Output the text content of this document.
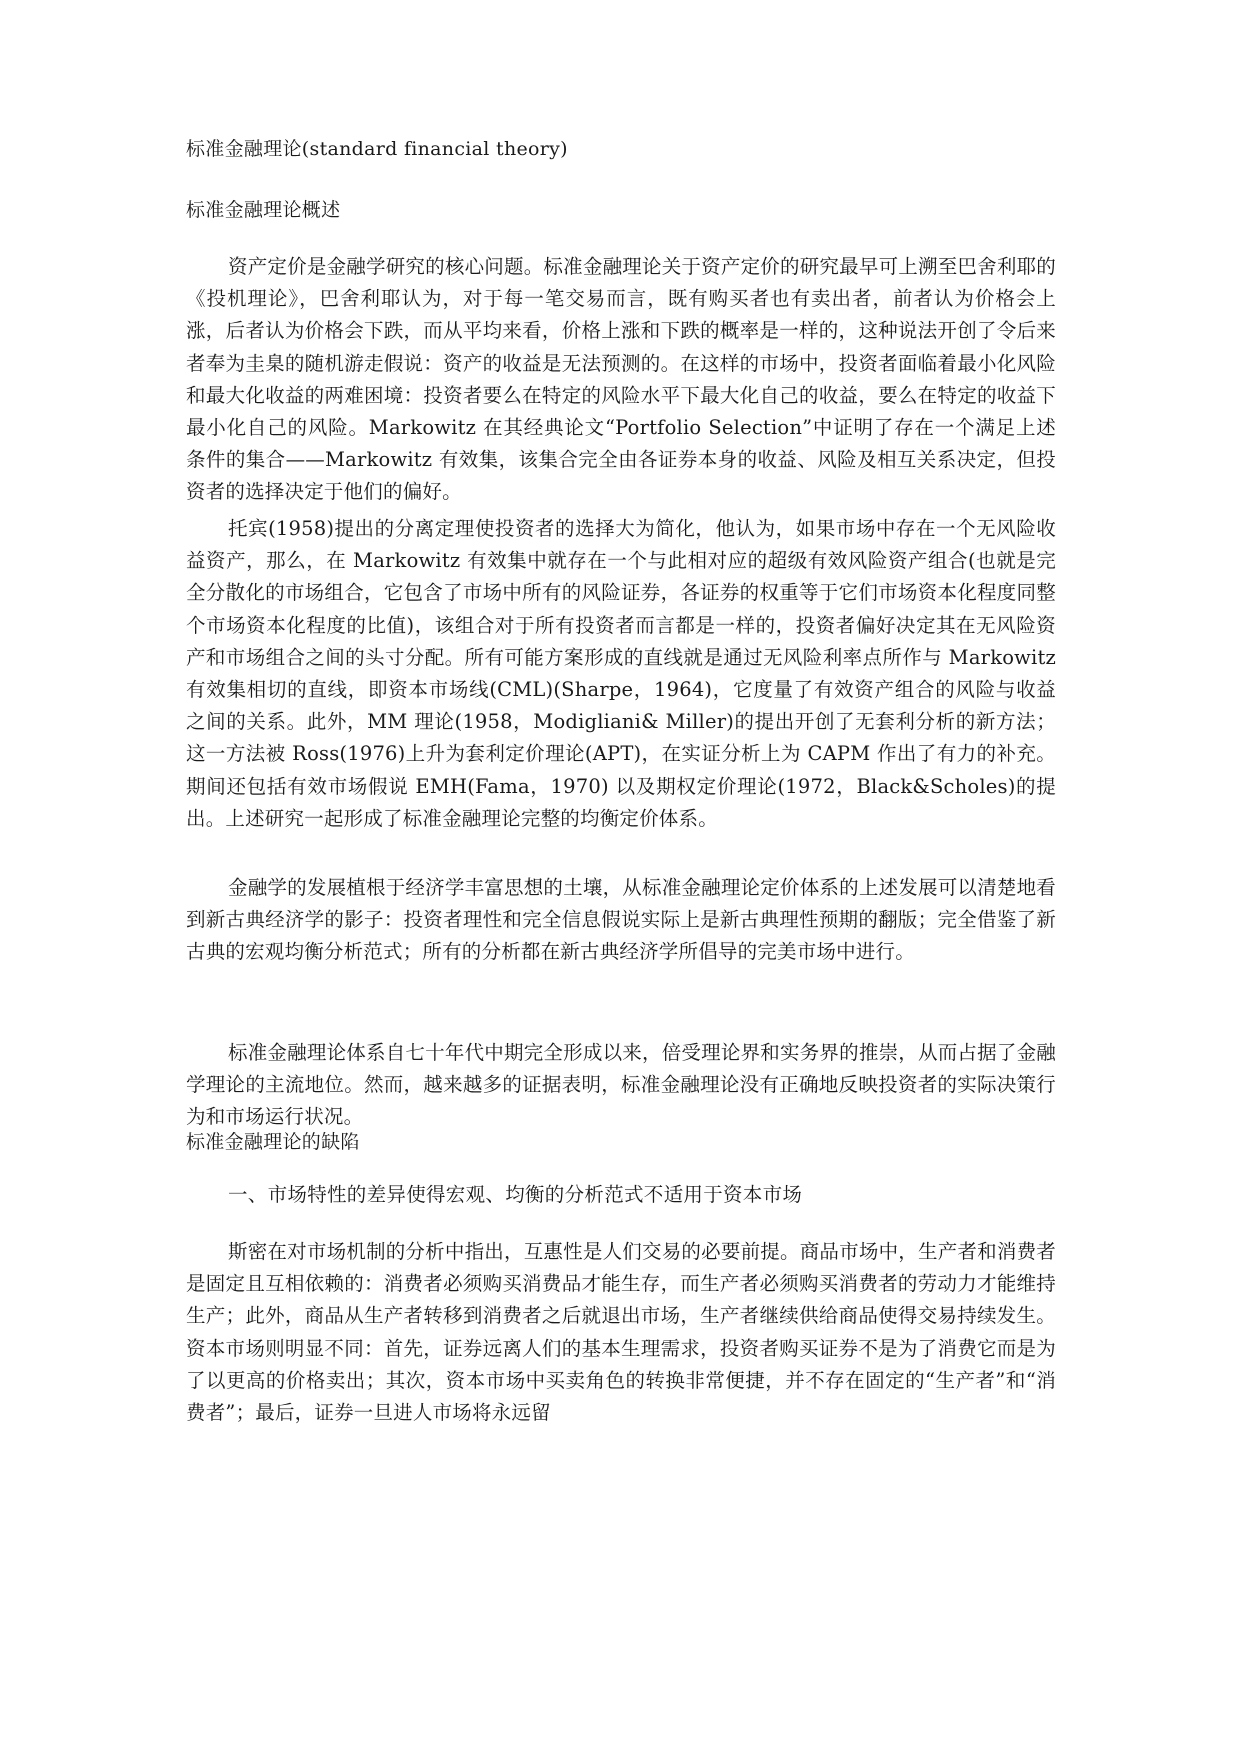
标准金融理论(standard financial theory)
标准金融理论概述
资产定价是金融学研究的核心问题。标准金融理论关于资产定价的研究最早可上溯至巴舍利耶的《投机理论》，巴舍利耶认为，对于每一笔交易而言，既有购买者也有卖出者，前者认为价格会上涨，后者认为价格会下跌，而从平均来看，价格上涨和下跌的概率是一样的，这种说法开创了令后来者奉为圭臬的随机游走假说：资产的收益是无法预测的。在这样的市场中，投资者面临着最小化风险和最大化收益的两难困境：投资者要么在特定的风险水平下最大化自己的收益，要么在特定的收益下最小化自己的风险。Markowitz 在其经典论文“Portfolio Selection”中证明了存在一个满足上述条件的集合——Markowitz 有效集，该集合完全由各证券本身的收益、风险及相互关系决定，但投资者的选择决定于他们的偏好。
托宾(1958)提出的分离定理使投资者的选择大为简化，他认为，如果市场中存在一个无风险收益资产，那么，在 Markowitz 有效集中就存在一个与此相对应的超级有效风险资产组合(也就是完全分散化的市场组合，它包含了市场中所有的风险证券，各证券的权重等于它们市场资本化程度同整个市场资本化程度的比值)，该组合对于所有投资者而言都是一样的，投资者偏好决定其在无风险资产和市场组合之间的头寸分配。所有可能方案形成的直线就是通过无风险利率点所作与 Markowitz 有效集相切的直线，即资本市场线(CML)(Sharpe，1964)，它度量了有效资产组合的风险与收益之间的关系。此外，MM 理论(1958，Modigliani& Miller)的提出开创了无套利分析的新方法；这一方法被 Ross(1976)上升为套利定价理论(APT)，在实证分析上为 CAPM 作出了有力的补充。期间还包括有效市场假说 EMH(Fama，1970) 以及期权定价理论(1972，Black&Scholes)的提出。上述研究一起形成了标准金融理论完整的均衡定价体系。
金融学的发展植根于经济学丰富思想的土壤，从标准金融理论定价体系的上述发展可以清楚地看到新古典经济学的影子：投资者理性和完全信息假说实际上是新古典理性预期的翻版；完全借鉴了新古典的宏观均衡分析范式；所有的分析都在新古典经济学所倡导的完美市场中进行。
标准金融理论体系自七十年代中期完全形成以来，倍受理论界和实务界的推崇，从而占据了金融学理论的主流地位。然而，越来越多的证据表明，标准金融理论没有正确地反映投资者的实际决策行为和市场运行状况。
标准金融理论的缺陷
一、市场特性的差异使得宏观、均衡的分析范式不适用于资本市场
斯密在对市场机制的分析中指出，互惠性是人们交易的必要前提。商品市场中，生产者和消费者是固定且互相依赖的：消费者必须购买消费品才能生存，而生产者必须购买消费者的劳动力才能维持生产；此外，商品从生产者转移到消费者之后就退出市场，生产者继续供给商品使得交易持续发生。资本市场则明显不同：首先，证券远离人们的基本生理需求，投资者购买证券不是为了消费它而是为了以更高的价格卖出；其次，资本市场中买卖角色的转换非常便捷，并不存在固定的“生产者”和“消费者”；最后，证券一旦进人市场将永远留
